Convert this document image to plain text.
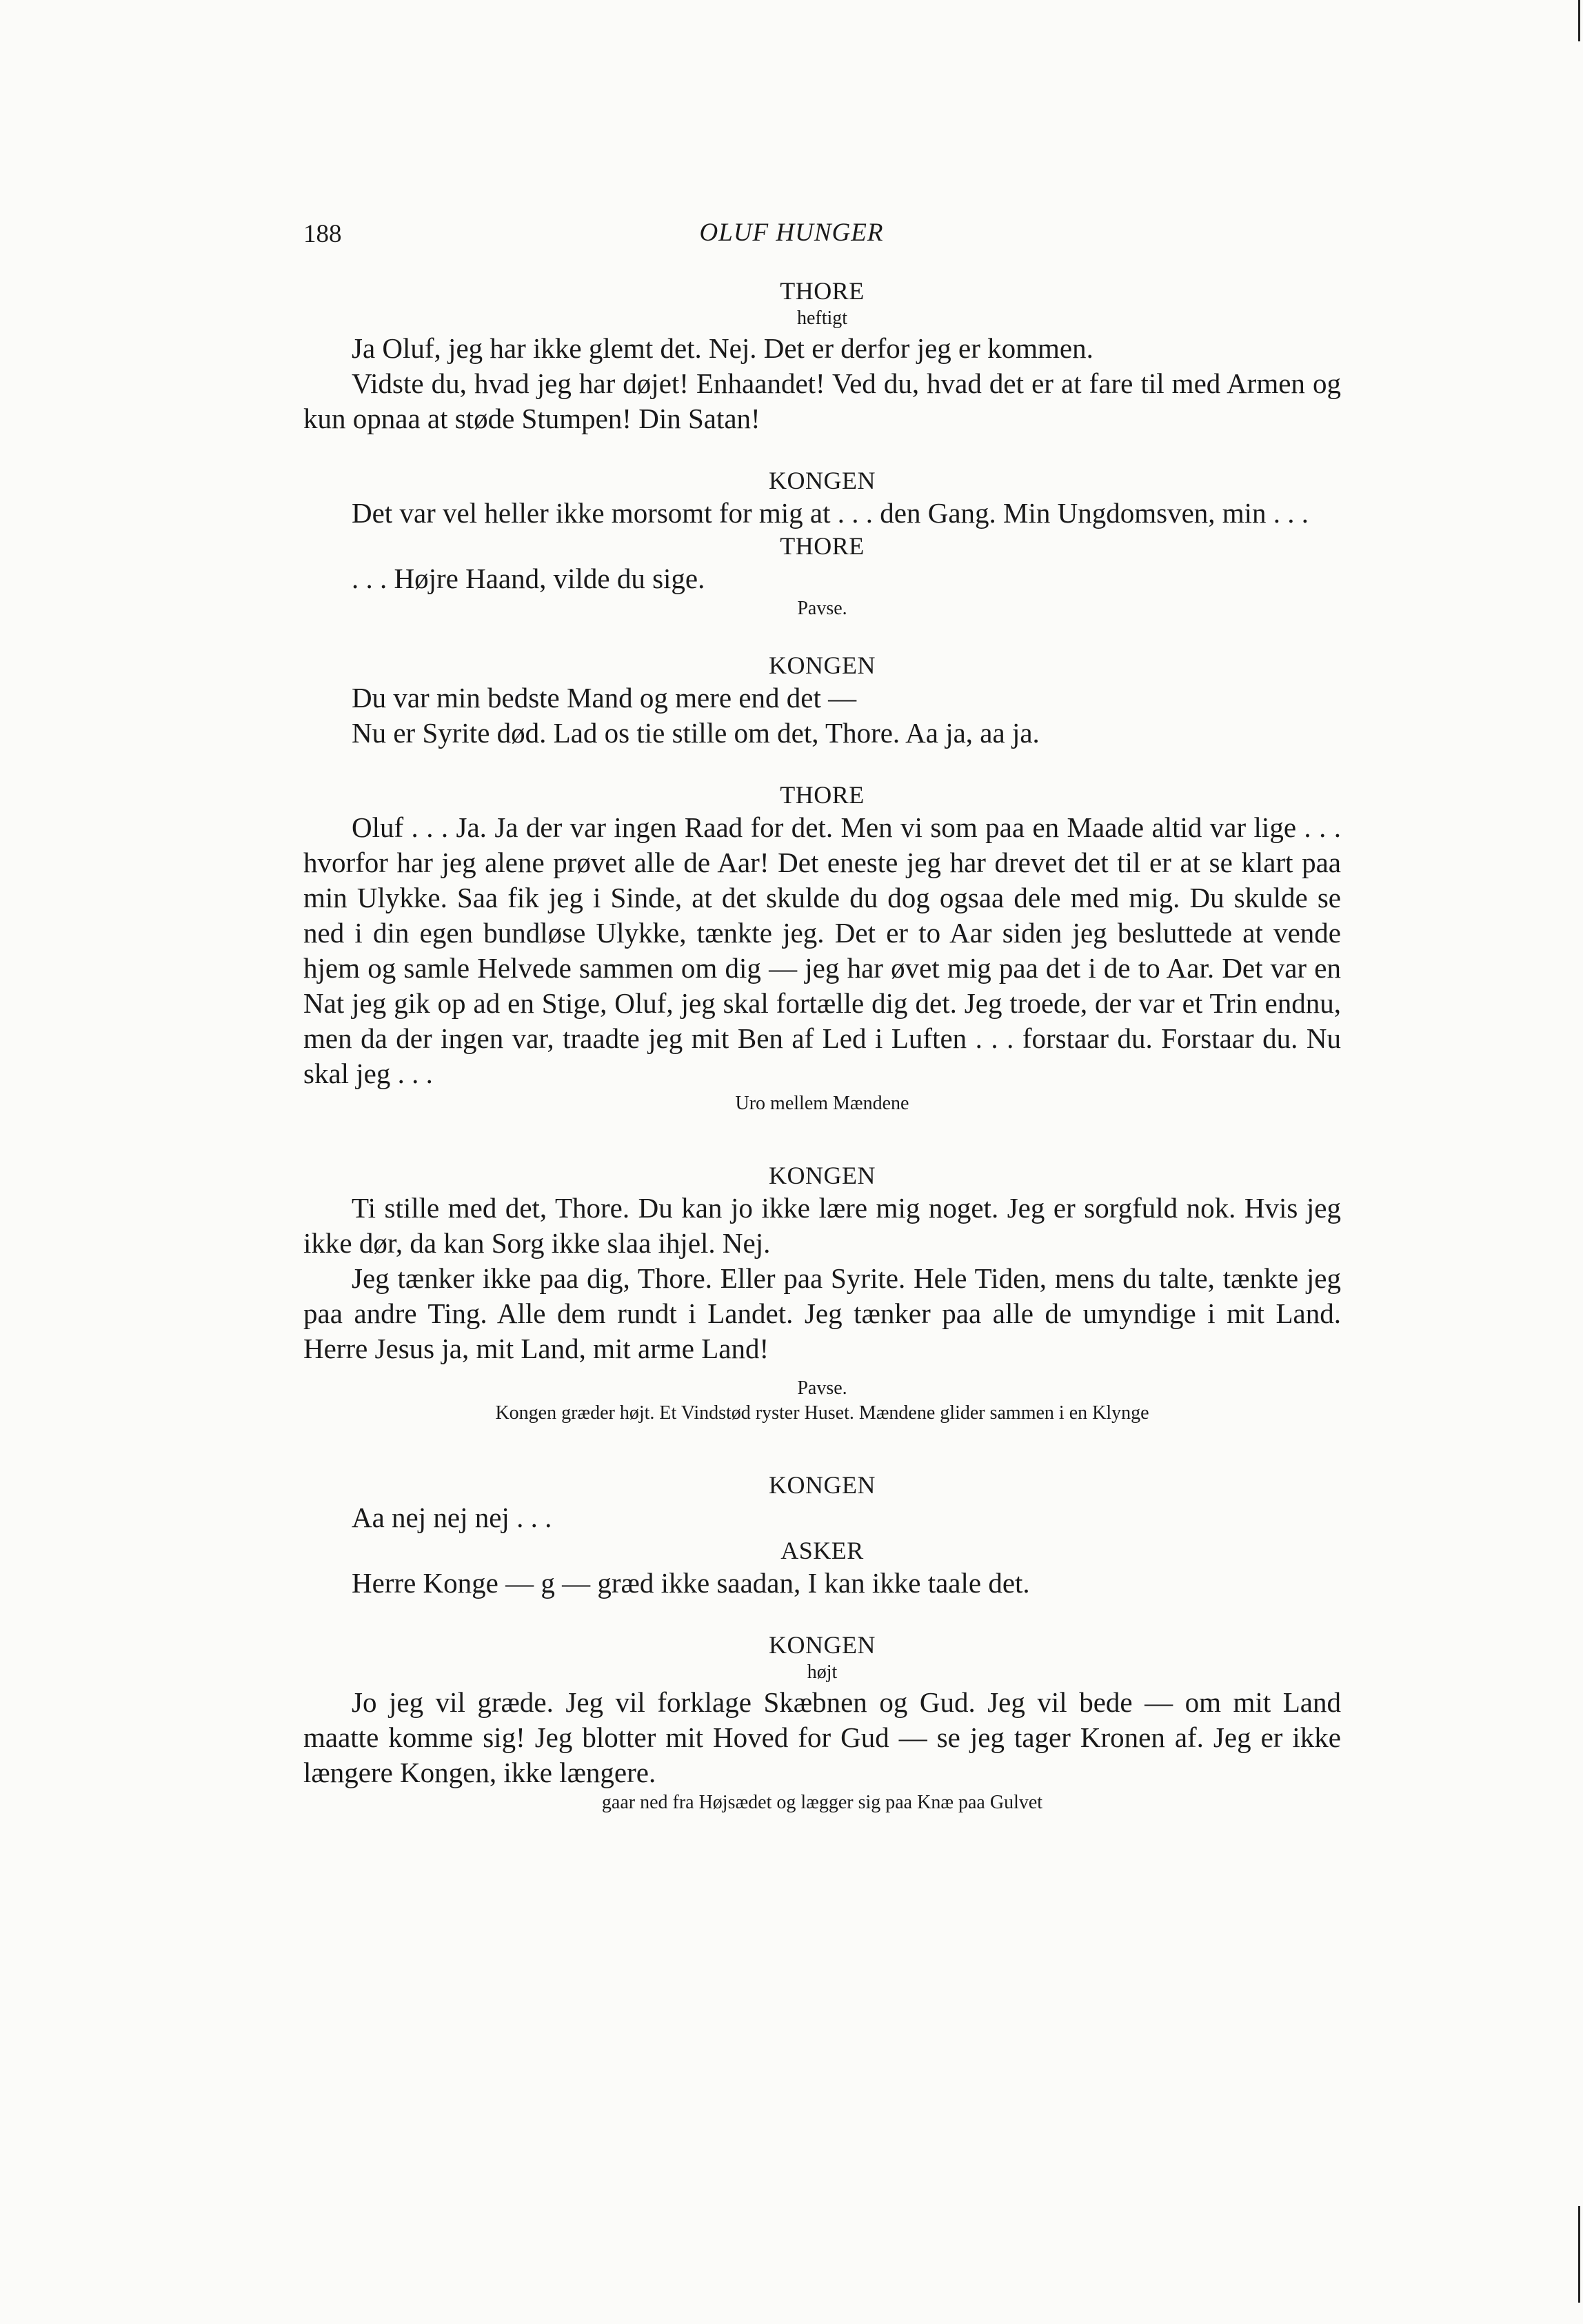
188	OLUF HUNGER
THORE
heftigt
Ja Oluf, jeg har ikke glemt det. Nej. Det er derfor jeg er kommen.
Vidste du, hvad jeg har døjet! Enhaandet! Ved du, hvad det er at fare til med Armen og kun opnaa at støde Stumpen! Din Satan!
KONGEN
Det var vel heller ikke morsomt for mig at . . . den Gang. Min Ungdomsven, min . . .
THORE
. . . Højre Haand, vilde du sige.
Pavse.
KONGEN
Du var min bedste Mand og mere end det —
Nu er Syrite død. Lad os tie stille om det, Thore. Aa ja, aa ja.
THORE
Oluf . . . Ja. Ja der var ingen Raad for det. Men vi som paa en Maade altid var lige . . . hvorfor har jeg alene prøvet alle de Aar! Det eneste jeg har drevet det til er at se klart paa min Ulykke. Saa fik jeg i Sinde, at det skulde du dog ogsaa dele med mig. Du skulde se ned i din egen bundløse Ulykke, tænkte jeg. Det er to Aar siden jeg besluttede at vende hjem og samle Helvede sammen om dig — jeg har øvet mig paa det i de to Aar. Det var en Nat jeg gik op ad en Stige, Oluf, jeg skal fortælle dig det. Jeg troede, der var et Trin endnu, men da der ingen var, traadte jeg mit Ben af Led i Luften . . . forstaar du. Forstaar du. Nu skal jeg . . .
Uro mellem Mændene
KONGEN
Ti stille med det, Thore. Du kan jo ikke lære mig noget. Jeg er sorgfuld nok. Hvis jeg ikke dør, da kan Sorg ikke slaa ihjel. Nej.
Jeg tænker ikke paa dig, Thore. Eller paa Syrite. Hele Tiden, mens du talte, tænkte jeg paa andre Ting. Alle dem rundt i Landet. Jeg tænker paa alle de umyndige i mit Land. Herre Jesus ja, mit Land, mit arme Land!
Pavse.
Kongen græder højt. Et Vindstød ryster Huset. Mændene glider sammen i en Klynge
KONGEN
Aa nej nej nej . . .
ASKER
Herre Konge — g — græd ikke saadan, I kan ikke taale det.
KONGEN
højt
Jo jeg vil græde. Jeg vil forklage Skæbnen og Gud. Jeg vil bede — om mit Land maatte komme sig! Jeg blotter mit Hoved for Gud — se jeg tager Kronen af. Jeg er ikke længere Kongen, ikke længere.
gaar ned fra Højsædet og lægger sig paa Knæ paa Gulvet
